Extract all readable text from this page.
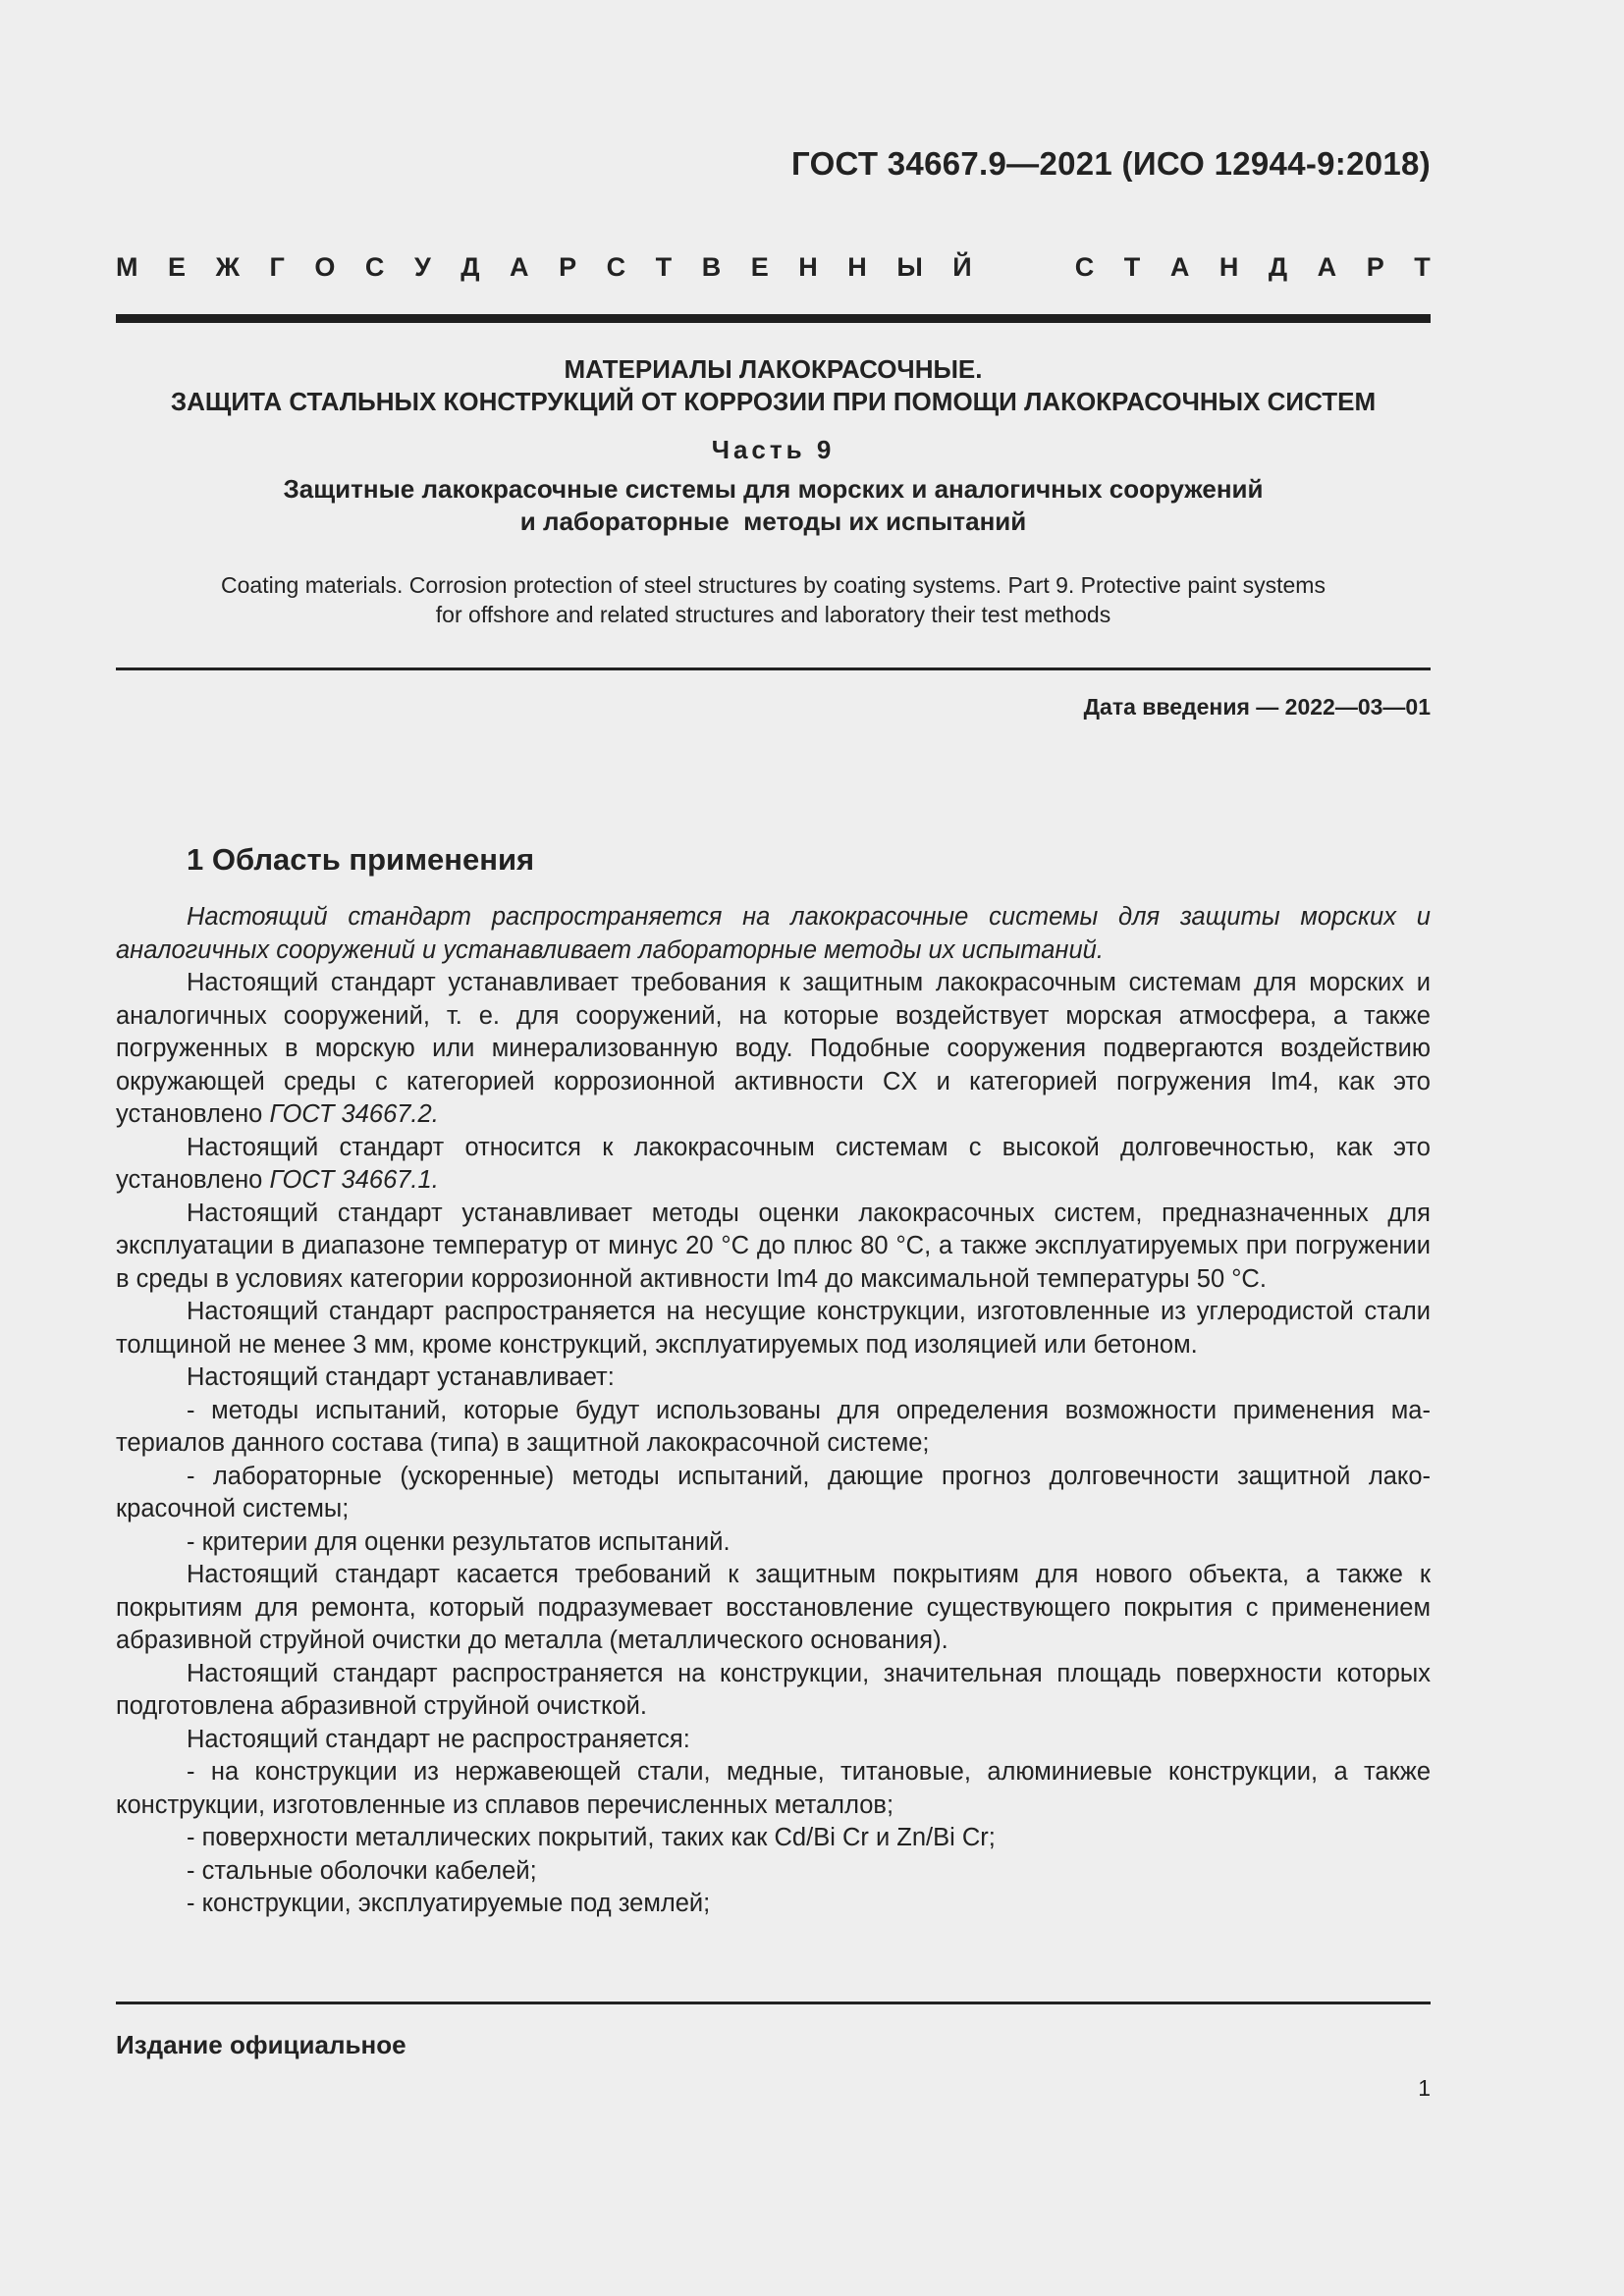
ГОСТ 34667.9—2021 (ИСО 12944-9:2018)
М Е Ж Г О С У Д А Р С Т В Е Н Н Ы Й	С Т А Н Д А Р Т
МАТЕРИАЛЫ ЛАКОКРАСОЧНЫЕ.
ЗАЩИТА СТАЛЬНЫХ КОНСТРУКЦИЙ ОТ КОРРОЗИИ ПРИ ПОМОЩИ ЛАКОКРАСОЧНЫХ СИСТЕМ
Часть 9
Защитные лакокрасочные системы для морских и аналогичных сооружений
и лабораторные  методы их испытаний
Coating materials. Corrosion protection of steel structures by coating systems. Part 9. Protective paint systems
for offshore and related structures and laboratory their test methods
Дата введения — 2022—03—01
1 Область применения

Настоящий стандарт распространяется на лакокрасочные системы для защиты морских и аналогичных сооружений и устанавливает лабораторные методы их испытаний.

Настоящий стандарт устанавливает требования к защитным лакокрасочным системам для морских и аналогичных сооружений, т. е. для сооружений, на которые воздействует морская атмосфера, а также погруженных в морскую или минерализованную воду. Подобные сооружения подвергаются воздействию окружающей среды с категорией коррозионной активности CX и категорией погружения Im4, как это установлено ГОСТ 34667.2.

Настоящий стандарт относится к лакокрасочным системам с высокой долговечностью, как это установлено ГОСТ 34667.1.

Настоящий стандарт устанавливает методы оценки лакокрасочных систем, предназначенных для эксплуатации в диапазоне температур от минус 20 °С до плюс 80 °С, а также эксплуатируемых при погружении в среды в условиях категории коррозионной активности Im4 до максимальной температуры 50 °С.

Настоящий стандарт распространяется на несущие конструкции, изготовленные из углеродистой стали толщиной не менее 3 мм, кроме конструкций, эксплуатируемых под изоляцией или бетоном.

Настоящий стандарт устанавливает:

- методы испытаний, которые будут использованы для определения возможности применения материалов данного состава (типа) в защитной лакокрасочной системе;

- лабораторные (ускоренные) методы испытаний, дающие прогноз долговечности защитной лакокрасочной системы;

- критерии для оценки результатов испытаний.

Настоящий стандарт касается требований к защитным покрытиям для нового объекта, а также к покрытиям для ремонта, который подразумевает восстановление существующего покрытия с применением абразивной струйной очистки до металла (металлического основания).

Настоящий стандарт распространяется на конструкции, значительная площадь поверхности которых подготовлена абразивной струйной очисткой.

Настоящий стандарт не распространяется:

- на конструкции из нержавеющей стали, медные, титановые, алюминиевые конструкции, а также конструкции, изготовленные из сплавов перечисленных металлов;

- поверхности металлических покрытий, таких как Cd/Bi Cr и Zn/Bi Cr;

- стальные оболочки кабелей;

- конструкции, эксплуатируемые под землей;

Издание официальное
1
